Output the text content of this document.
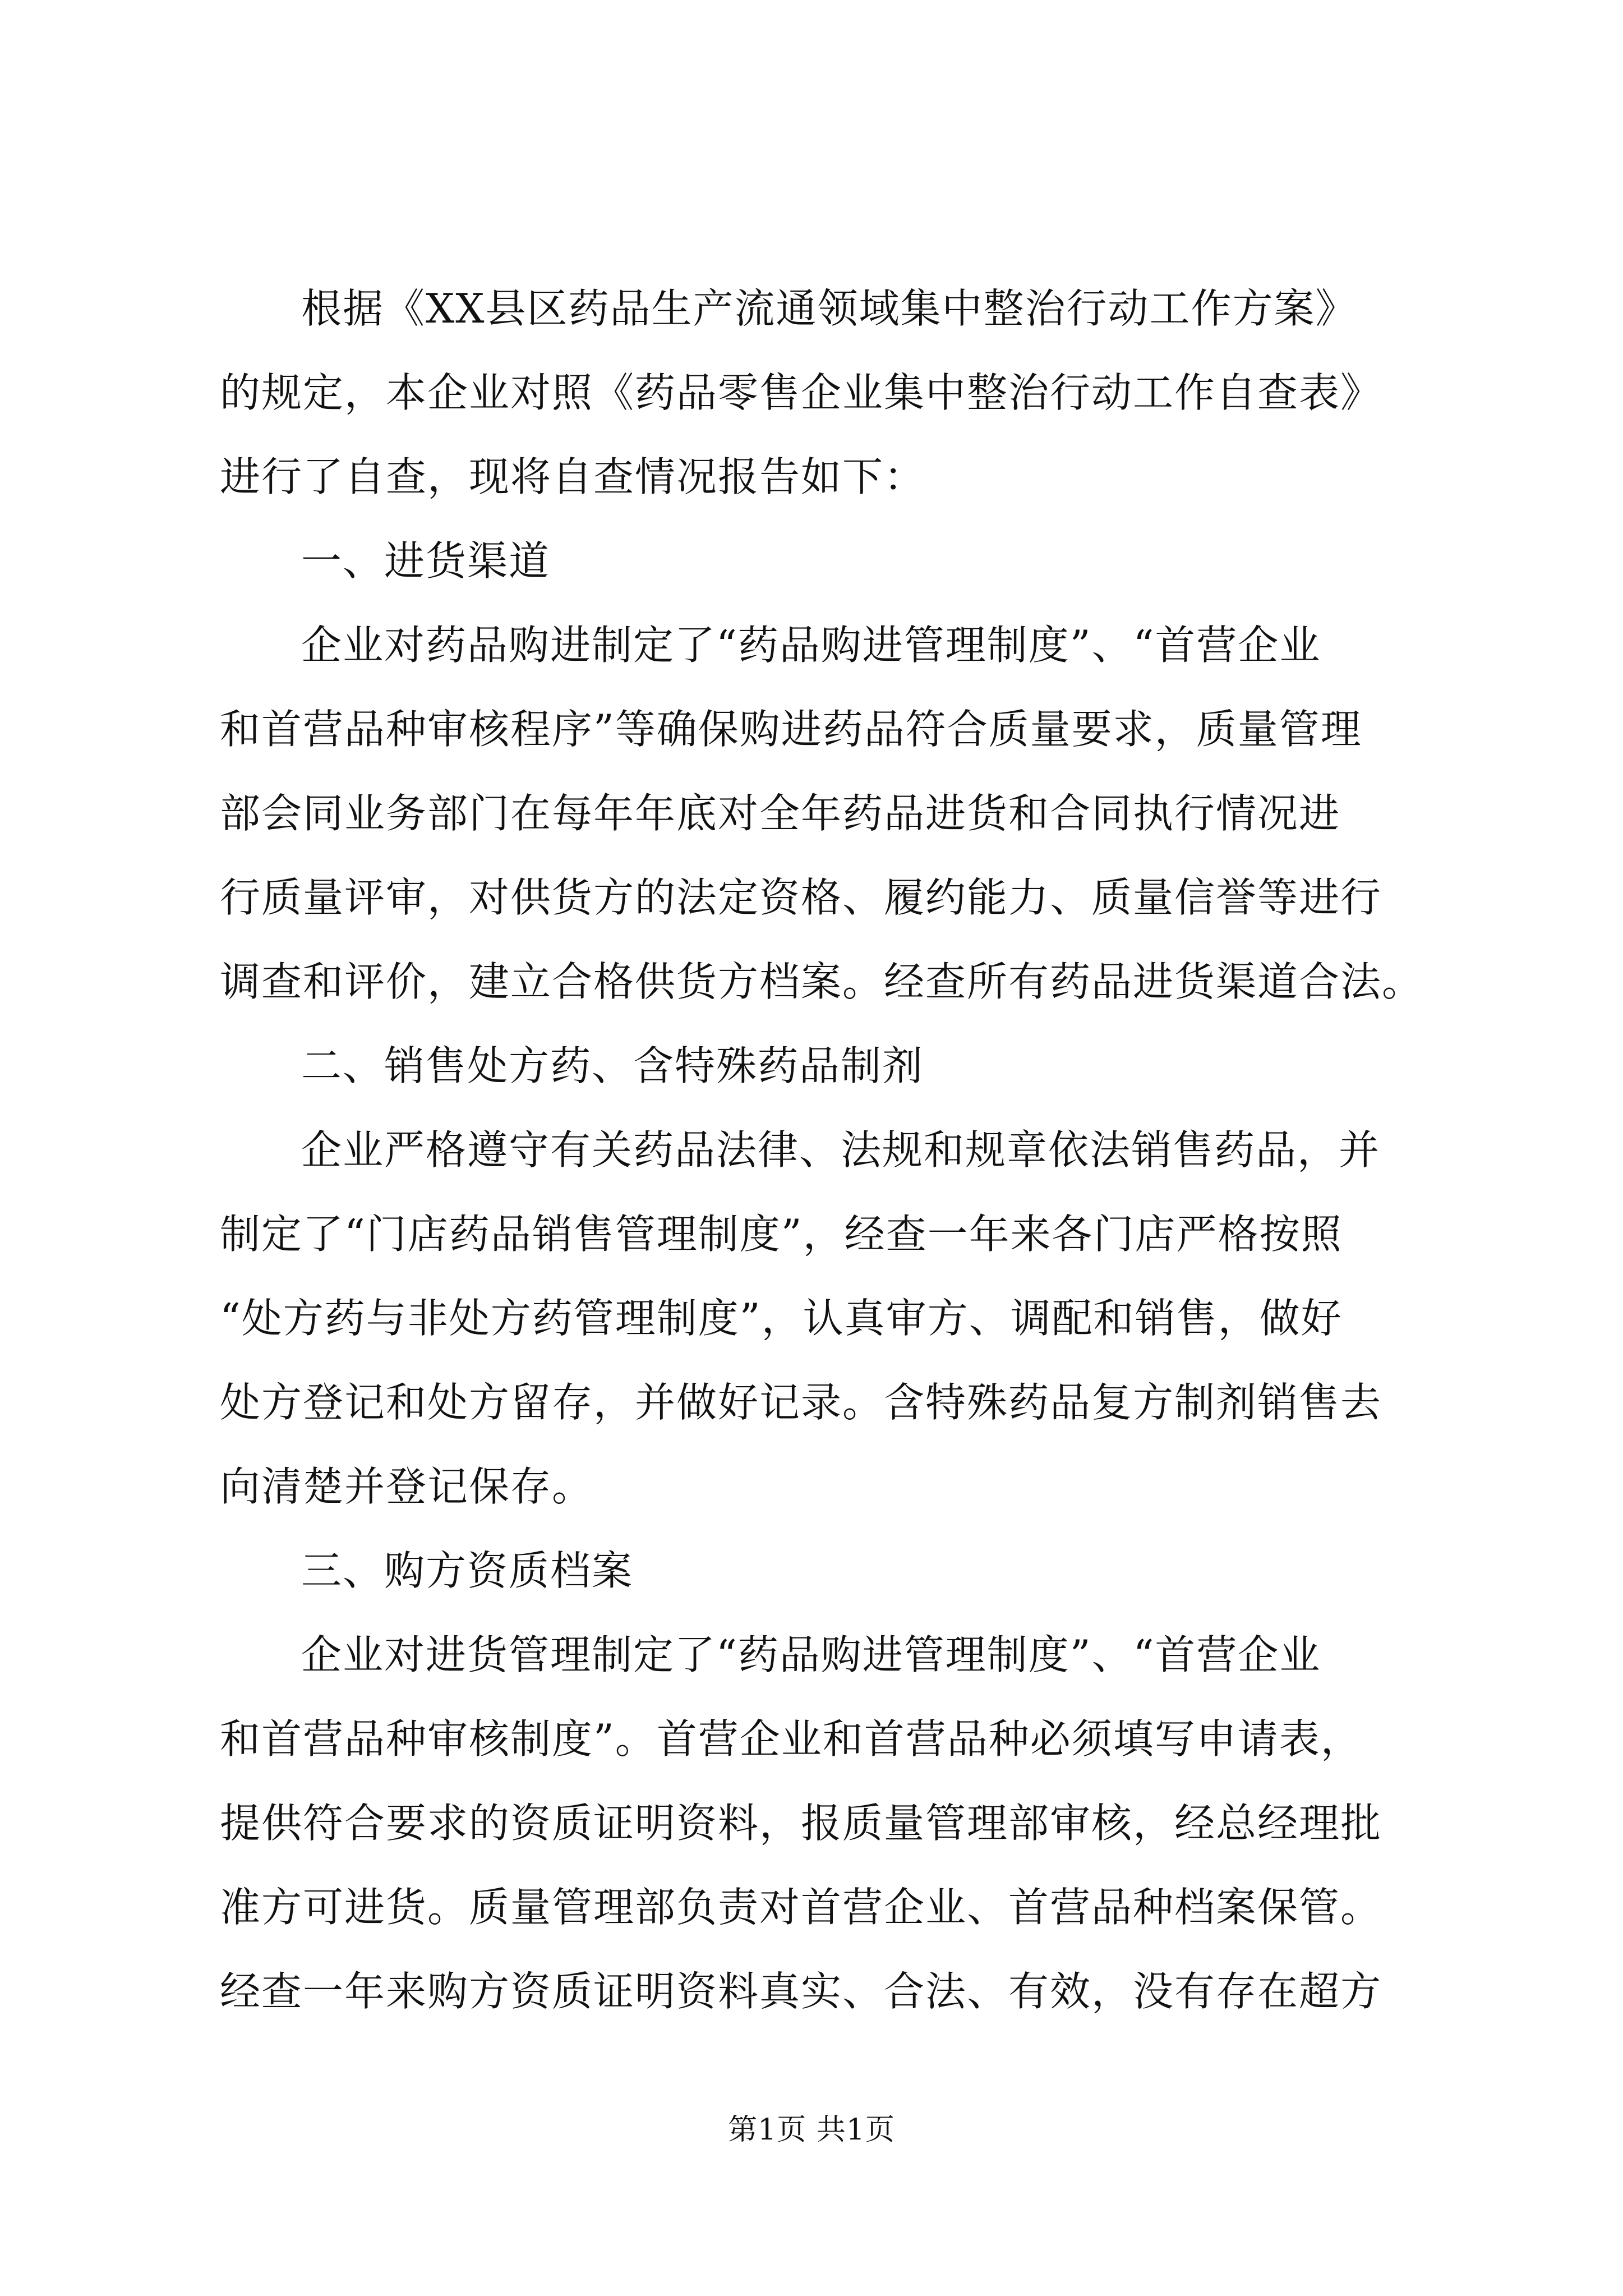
根据《XX县区药品生产流通领域集中整治行动工作方案》
的规定，本企业对照《药品零售企业集中整治行动工作自查表》
进行了自查，现将自查情况报告如下：
一、进货渠道
企业对药品购进制定了“药品购进管理制度”、“首营企业
和首营品种审核程序”等确保购进药品符合质量要求，质量管理
部会同业务部门在每年年底对全年药品进货和合同执行情况进
行质量评审，对供货方的法定资格、履约能力、质量信誉等进行
调查和评价，建立合格供货方档案。经查所有药品进货渠道合法。
二、销售处方药、含特殊药品制剂
企业严格遵守有关药品法律、法规和规章依法销售药品，并
制定了“门店药品销售管理制度”，经查一年来各门店严格按照
“处方药与非处方药管理制度”，认真审方、调配和销售，做好
处方登记和处方留存，并做好记录。含特殊药品复方制剂销售去
向清楚并登记保存。
三、购方资质档案
企业对进货管理制定了“药品购进管理制度”、“首营企业
和首营品种审核制度”。首营企业和首营品种必须填写申请表，
提供符合要求的资质证明资料，报质量管理部审核，经总经理批
准方可进货。质量管理部负责对首营企业、首营品种档案保管。
经查一年来购方资质证明资料真实、合法、有效，没有存在超方
第1页 共1页
